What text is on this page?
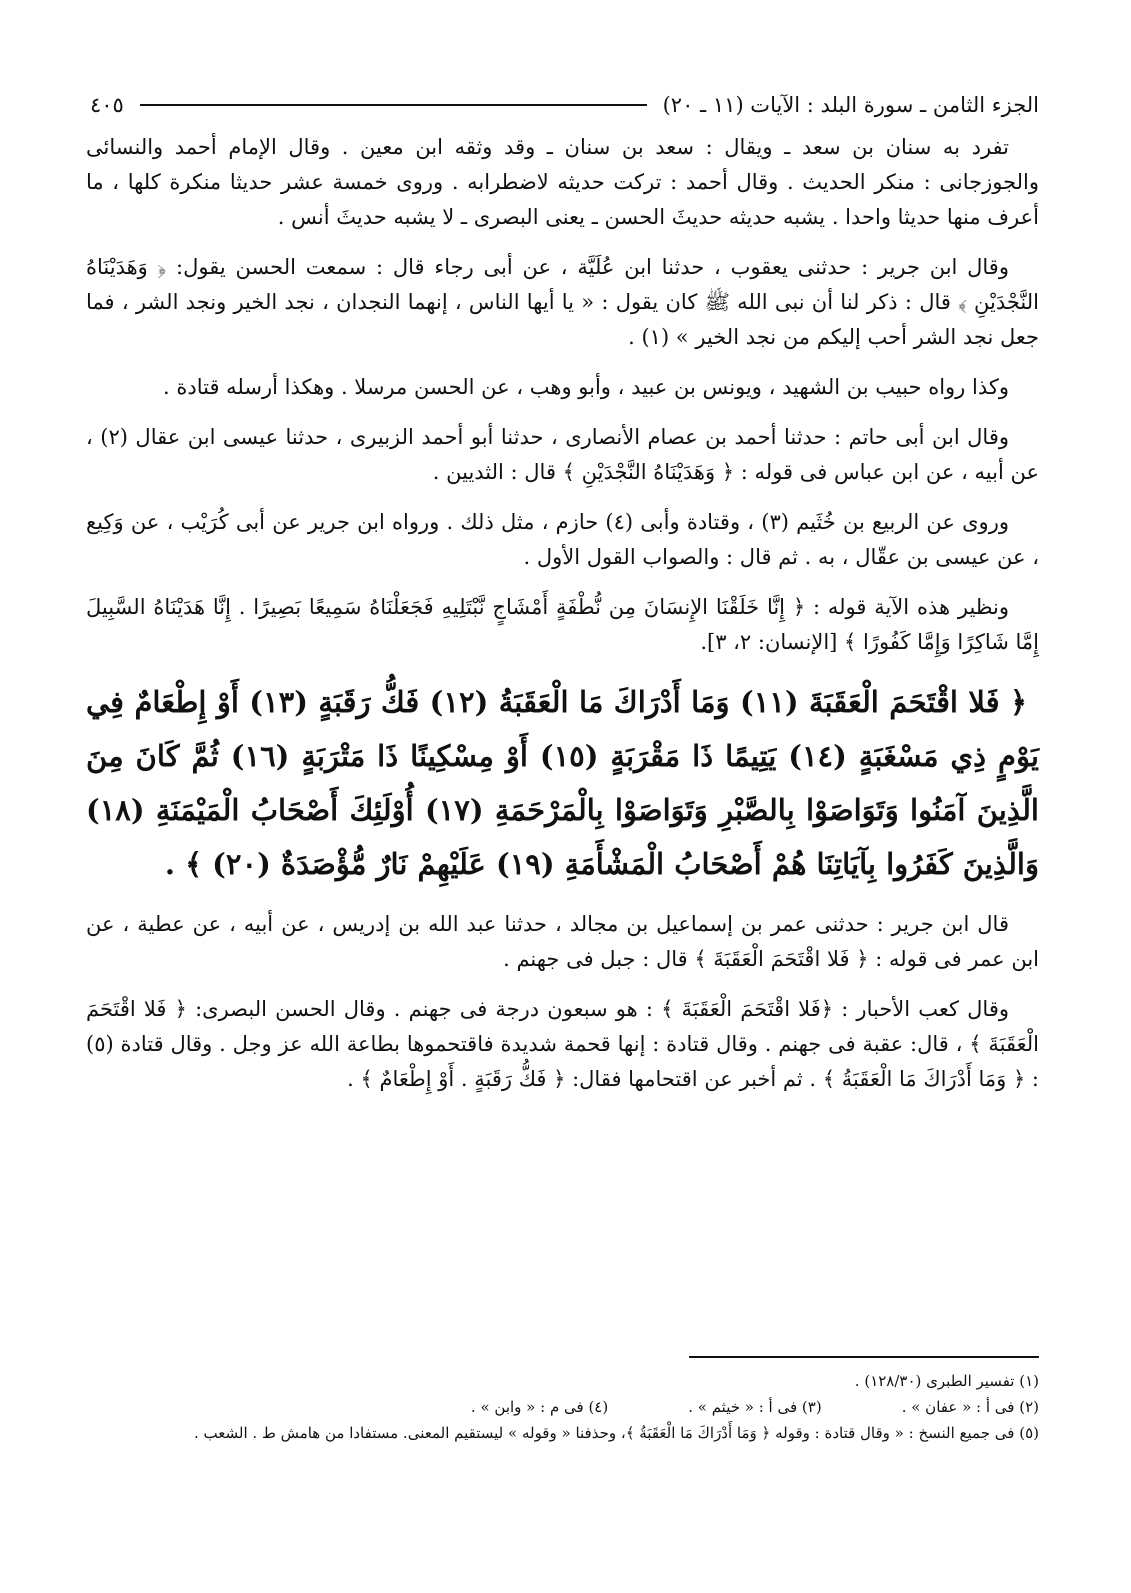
الجزء الثامن ـ سورة البلد : الآيات (١١ ـ ٢٠)
٤٠٥

تفرد به سنان بن سعد ـ ويقال : سعد بن سنان ـ وقد وثقه ابن معين . وقال الإمام أحمد والنسائى والجوزجانى : منكر الحديث . وقال أحمد : تركت حديثه لاضطرابه . وروى خمسة عشر حديثا منكرة كلها ، ما أعرف منها حديثا واحدا . يشبه حديثه حديثَ الحسن ـ يعنى البصرى ـ لا يشبه حديثَ أنس .

وقال ابن جرير : حدثنى يعقوب ، حدثنا ابن عُلَيَّة ، عن أبى رجاء قال : سمعت الحسن يقول: ﴿ وَهَدَيْنَاهُ النَّجْدَيْنِ ﴾ قال : ذكر لنا أن نبى الله ﷺ كان يقول : « يا أيها الناس ، إنهما النجدان ، نجد الخير ونجد الشر ، فما جعل نجد الشر أحب إليكم من نجد الخير » (١) .

وكذا رواه حبيب بن الشهيد ، ويونس بن عبيد ، وأبو وهب ، عن الحسن مرسلا . وهكذا أرسله قتادة .

وقال ابن أبى حاتم : حدثنا أحمد بن عصام الأنصارى ، حدثنا أبو أحمد الزبيرى ، حدثنا عيسى ابن عقال (٢) ، عن أبيه ، عن ابن عباس فى قوله : ﴿ وَهَدَيْنَاهُ النَّجْدَيْنِ ﴾ قال : الثديين .

وروى عن الربيع بن خُثَيم (٣) ، وقتادة وأبى (٤) حازم ، مثل ذلك . ورواه ابن جرير عن أبى كُرَيْب ، عن وَكِيع ، عن عيسى بن عقّال ، به . ثم قال : والصواب القول الأول .

ونظير هذه الآية قوله : ﴿ إِنَّا خَلَقْنَا الإِنسَانَ مِن نُّطْفَةٍ أَمْشَاجٍ نَّبْتَلِيهِ فَجَعَلْنَاهُ سَمِيعًا بَصِيرًا . إِنَّا هَدَيْنَاهُ السَّبِيلَ إِمَّا شَاكِرًا وَإِمَّا كَفُورًا ﴾ [الإنسان: ٢، ٣].

﴿ فَلا اقْتَحَمَ الْعَقَبَةَ (١١) وَمَا أَدْرَاكَ مَا الْعَقَبَةُ (١٢) فَكُّ رَقَبَةٍ (١٣) أَوْ إِطْعَامٌ فِي يَوْمٍ ذِي مَسْغَبَةٍ (١٤) يَتِيمًا ذَا مَقْرَبَةٍ (١٥) أَوْ مِسْكِينًا ذَا مَتْرَبَةٍ (١٦) ثُمَّ كَانَ مِنَ الَّذِينَ آمَنُوا وَتَوَاصَوْا بِالصَّبْرِ وَتَوَاصَوْا بِالْمَرْحَمَةِ (١٧) أُوْلَئِكَ أَصْحَابُ الْمَيْمَنَةِ (١٨) وَالَّذِينَ كَفَرُوا بِآيَاتِنَا هُمْ أَصْحَابُ الْمَشْأَمَةِ (١٩) عَلَيْهِمْ نَارٌ مُّؤْصَدَةٌ (٢٠) ﴾ .

قال ابن جرير : حدثنى عمر بن إسماعيل بن مجالد ، حدثنا عبد الله بن إدريس ، عن أبيه ، عن عطية ، عن ابن عمر فى قوله : ﴿ فَلا اقْتَحَمَ الْعَقَبَةَ ﴾ قال : جبل فى جهنم .

وقال كعب الأحبار : ﴿فَلا اقْتَحَمَ الْعَقَبَةَ ﴾ : هو سبعون درجة فى جهنم . وقال الحسن البصرى: ﴿ فَلا اقْتَحَمَ الْعَقَبَةَ ﴾ ، قال: عقبة فى جهنم . وقال قتادة : إنها قحمة شديدة فاقتحموها بطاعة الله عز وجل . وقال قتادة (٥) : ﴿ وَمَا أَدْرَاكَ مَا الْعَقَبَةُ ﴾ . ثم أخبر عن اقتحامها فقال: ﴿ فَكُّ رَقَبَةٍ . أَوْ إِطْعَامٌ ﴾ .

(١) تفسير الطبرى (١٢٨/٣٠) .

(٢) فى أ : « عفان » .
(٣) فى أ : « خيثم » .
(٤) فى م : « وابن » .

(٥) فى جميع النسخ : « وقال قتادة : وقوله ﴿ وَمَا أَدْرَاكَ مَا الْعَقَبَةُ ﴾، وحذفنا « وقوله » ليستقيم المعنى. مستفادا من هامش ط . الشعب .
